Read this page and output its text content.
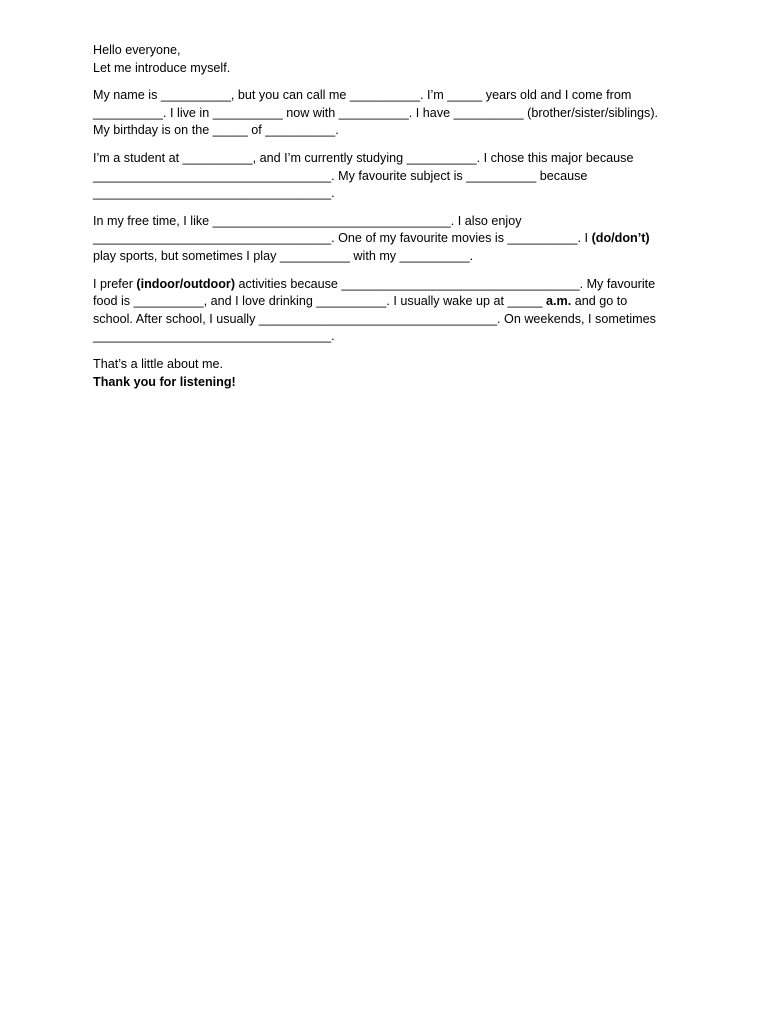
Hello everyone,
Let me introduce myself.
My name is __________, but you can call me __________. I’m _____ years old and I come from
__________. I live in __________ now with __________. I have __________ (brother/sister/siblings).
My birthday is on the _____ of __________.
I’m a student at __________, and I’m currently studying __________. I chose this major because
__________________________________. My favourite subject is __________ because
__________________________________.
In my free time, I like __________________________________. I also enjoy
__________________________________. One of my favourite movies is __________. I (do/don’t)
play sports, but sometimes I play __________ with my __________.
I prefer (indoor/outdoor) activities because __________________________________. My favourite
food is __________, and I love drinking __________. I usually wake up at _____ a.m. and go to
school. After school, I usually __________________________________. On weekends, I sometimes
__________________________________.
That’s a little about me.
Thank you for listening!
